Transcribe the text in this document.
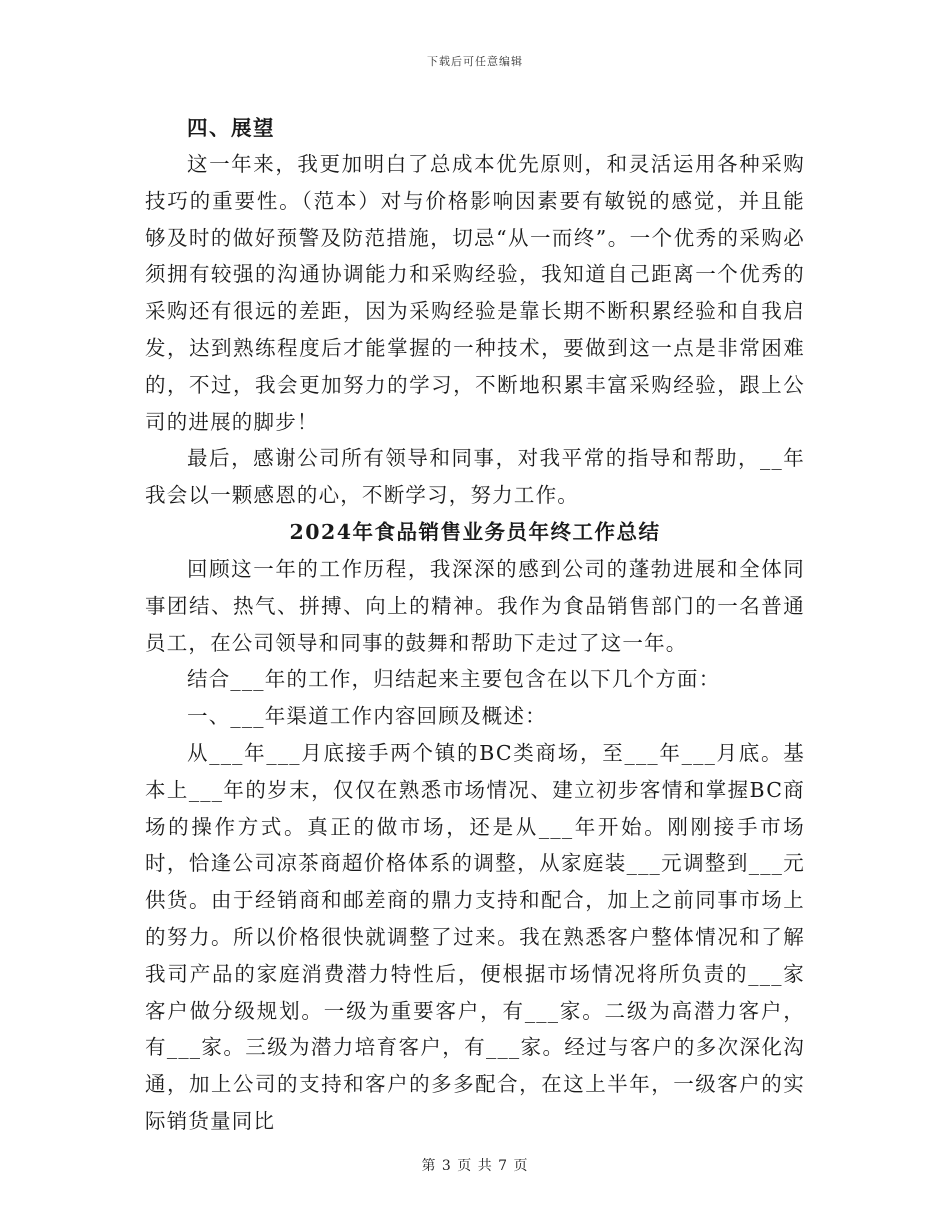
下载后可任意编辑

四、展望

这一年来，我更加明白了总成本优先原则，和灵活运用各种采购技巧的重要性。（范本）对与价格影响因素要有敏锐的感觉，并且能够及时的做好预警及防范措施，切忌“从一而终”。一个优秀的采购必须拥有较强的沟通协调能力和采购经验，我知道自己距离一个优秀的采购还有很远的差距，因为采购经验是靠长期不断积累经验和自我启发，达到熟练程度后才能掌握的一种技术，要做到这一点是非常困难的，不过，我会更加努力的学习，不断地积累丰富采购经验，跟上公司的进展的脚步！

最后，感谢公司所有领导和同事，对我平常的指导和帮助，__年我会以一颗感恩的心，不断学习，努力工作。

2024年食品销售业务员年终工作总结

回顾这一年的工作历程，我深深的感到公司的蓬勃进展和全体同事团结、热气、拼搏、向上的精神。我作为食品销售部门的一名普通员工，在公司领导和同事的鼓舞和帮助下走过了这一年。

结合___年的工作，归结起来主要包含在以下几个方面：

一、___年渠道工作内容回顾及概述：

从___年___月底接手两个镇的BC类商场，至___年___月底。基本上___年的岁末，仅仅在熟悉市场情况、建立初步客情和掌握BC商场的操作方式。真正的做市场，还是从___年开始。刚刚接手市场时，恰逢公司凉茶商超价格体系的调整，从家庭装___元调整到___元供货。由于经销商和邮差商的鼎力支持和配合，加上之前同事市场上的努力。所以价格很快就调整了过来。我在熟悉客户整体情况和了解我司产品的家庭消费潜力特性后，便根据市场情况将所负责的___家客户做分级规划。一级为重要客户，有___家。二级为高潜力客户，有___家。三级为潜力培育客户，有___家。经过与客户的多次深化沟通，加上公司的支持和客户的多多配合，在这上半年，一级客户的实际销货量同比

第 3 页 共 7 页
